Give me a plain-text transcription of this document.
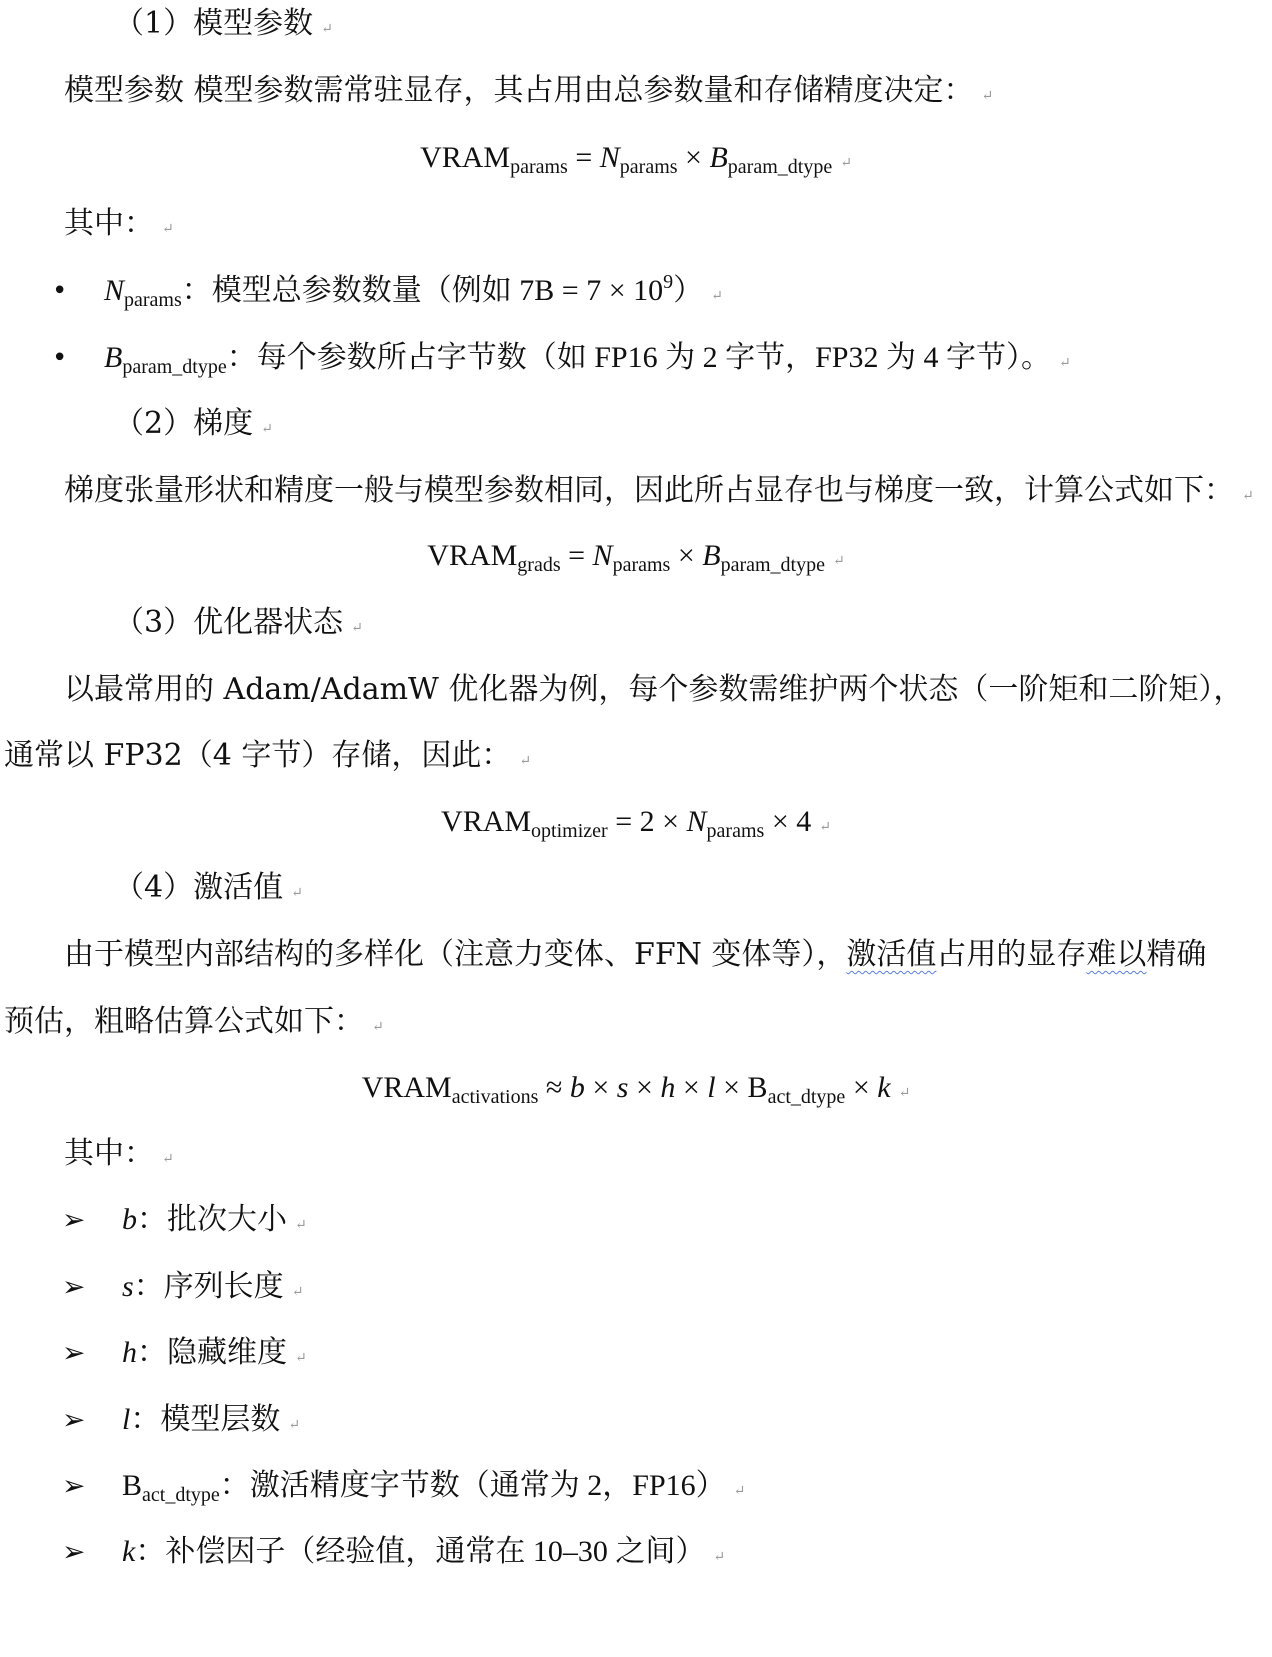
（1）模型参数 ↵
模型参数 模型参数需常驻显存，其占用由总参数量和存储精度决定： ↵
$VRAM_{params} = N_{params} \times B_{param\_dtype}$ ↵
其中： ↵
• $N_{params}$：模型总参数数量（例如 $7B = 7 \times 10^9$） ↵
• $B_{param\_dtype}$：每个参数所占字节数（如 FP16 为 2 字节，FP32 为 4 字节）。 ↵
（2）梯度 ↵
梯度张量形状和精度一般与模型参数相同，因此所占显存也与梯度一致，计算公式如下： ↵
$VRAM_{grads} = N_{params} \times B_{param\_dtype}$ ↵
（3）优化器状态 ↵
以最常用的 Adam/AdamW 优化器为例，每个参数需维护两个状态（一阶矩和二阶矩），
通常以 FP32（4 字节）存储，因此： ↵
$VRAM_{optimizer} = 2 \times N_{params} \times 4$ ↵
（4）激活值 ↵
由于模型内部结构的多样化（注意力变体、FFN 变体等），激活值占用的显存难以精确
预估，粗略估算公式如下： ↵
$VRAM_{activations} \approx b \times s \times h \times l \times B_{act\_dtype} \times k$ ↵
其中： ↵
➢ b：批次大小 ↵
➢ s：序列长度 ↵
➢ h：隐藏维度 ↵
➢ l：模型层数 ↵
➢ $B_{act\_dtype}$：激活精度字节数（通常为 2，FP16） ↵
➢ k：补偿因子（经验值，通常在 10–30 之间） ↵
